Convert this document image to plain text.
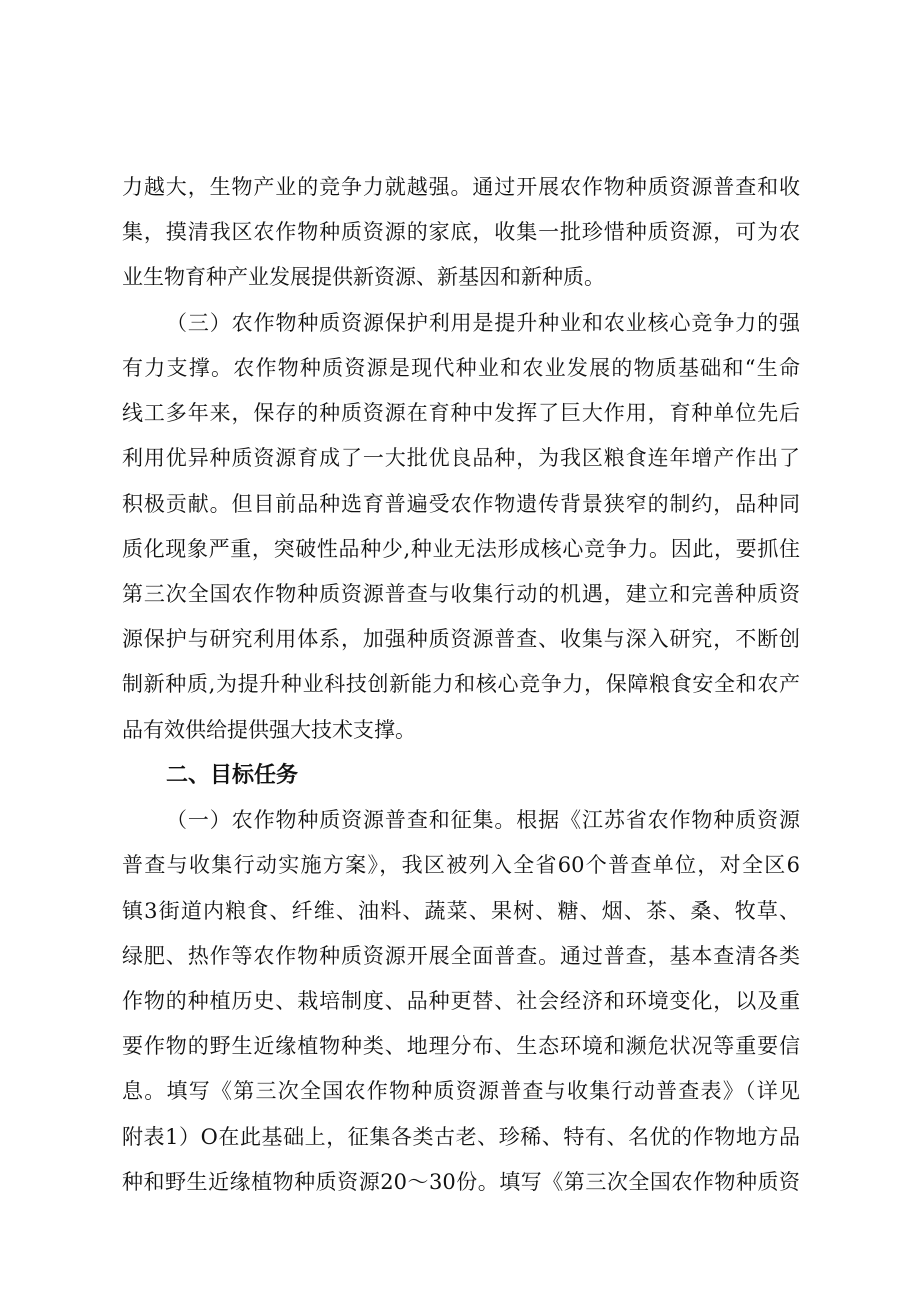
力越大，生物产业的竞争力就越强。通过开展农作物种质资源普查和收
集，摸清我区农作物种质资源的家底，收集一批珍惜种质资源，可为农
业生物育种产业发展提供新资源、新基因和新种质。
（三）农作物种质资源保护利用是提升种业和农业核心竞争力的强
有力支撑。农作物种质资源是现代种业和农业发展的物质基础和“生命
线工多年来，保存的种质资源在育种中发挥了巨大作用，育种单位先后
利用优异种质资源育成了一大批优良品种，为我区粮食连年增产作出了
积极贡献。但目前品种选育普遍受农作物遗传背景狭窄的制约，品种同
质化现象严重，突破性品种少,种业无法形成核心竞争力。因此，要抓住
第三次全国农作物种质资源普查与收集行动的机遇，建立和完善种质资
源保护与研究利用体系，加强种质资源普查、收集与深入研究，不断创
制新种质,为提升种业科技创新能力和核心竞争力，保障粮食安全和农产
品有效供给提供强大技术支撑。
二、目标任务
（一）农作物种质资源普查和征集。根据《江苏省农作物种质资源
普查与收集行动实施方案》，我区被列入全省60个普查单位，对全区6
镇3街道内粮食、纤维、油料、蔬菜、果树、糖、烟、茶、桑、牧草、
绿肥、热作等农作物种质资源开展全面普查。通过普查，基本查清各类
作物的种植历史、栽培制度、品种更替、社会经济和环境变化，以及重
要作物的野生近缘植物种类、地理分布、生态环境和濒危状况等重要信
息。填写《第三次全国农作物种质资源普查与收集行动普查表》（详见
附表1）O在此基础上，征集各类古老、珍稀、特有、名优的作物地方品
种和野生近缘植物种质资源20～30份。填写《第三次全国农作物种质资
